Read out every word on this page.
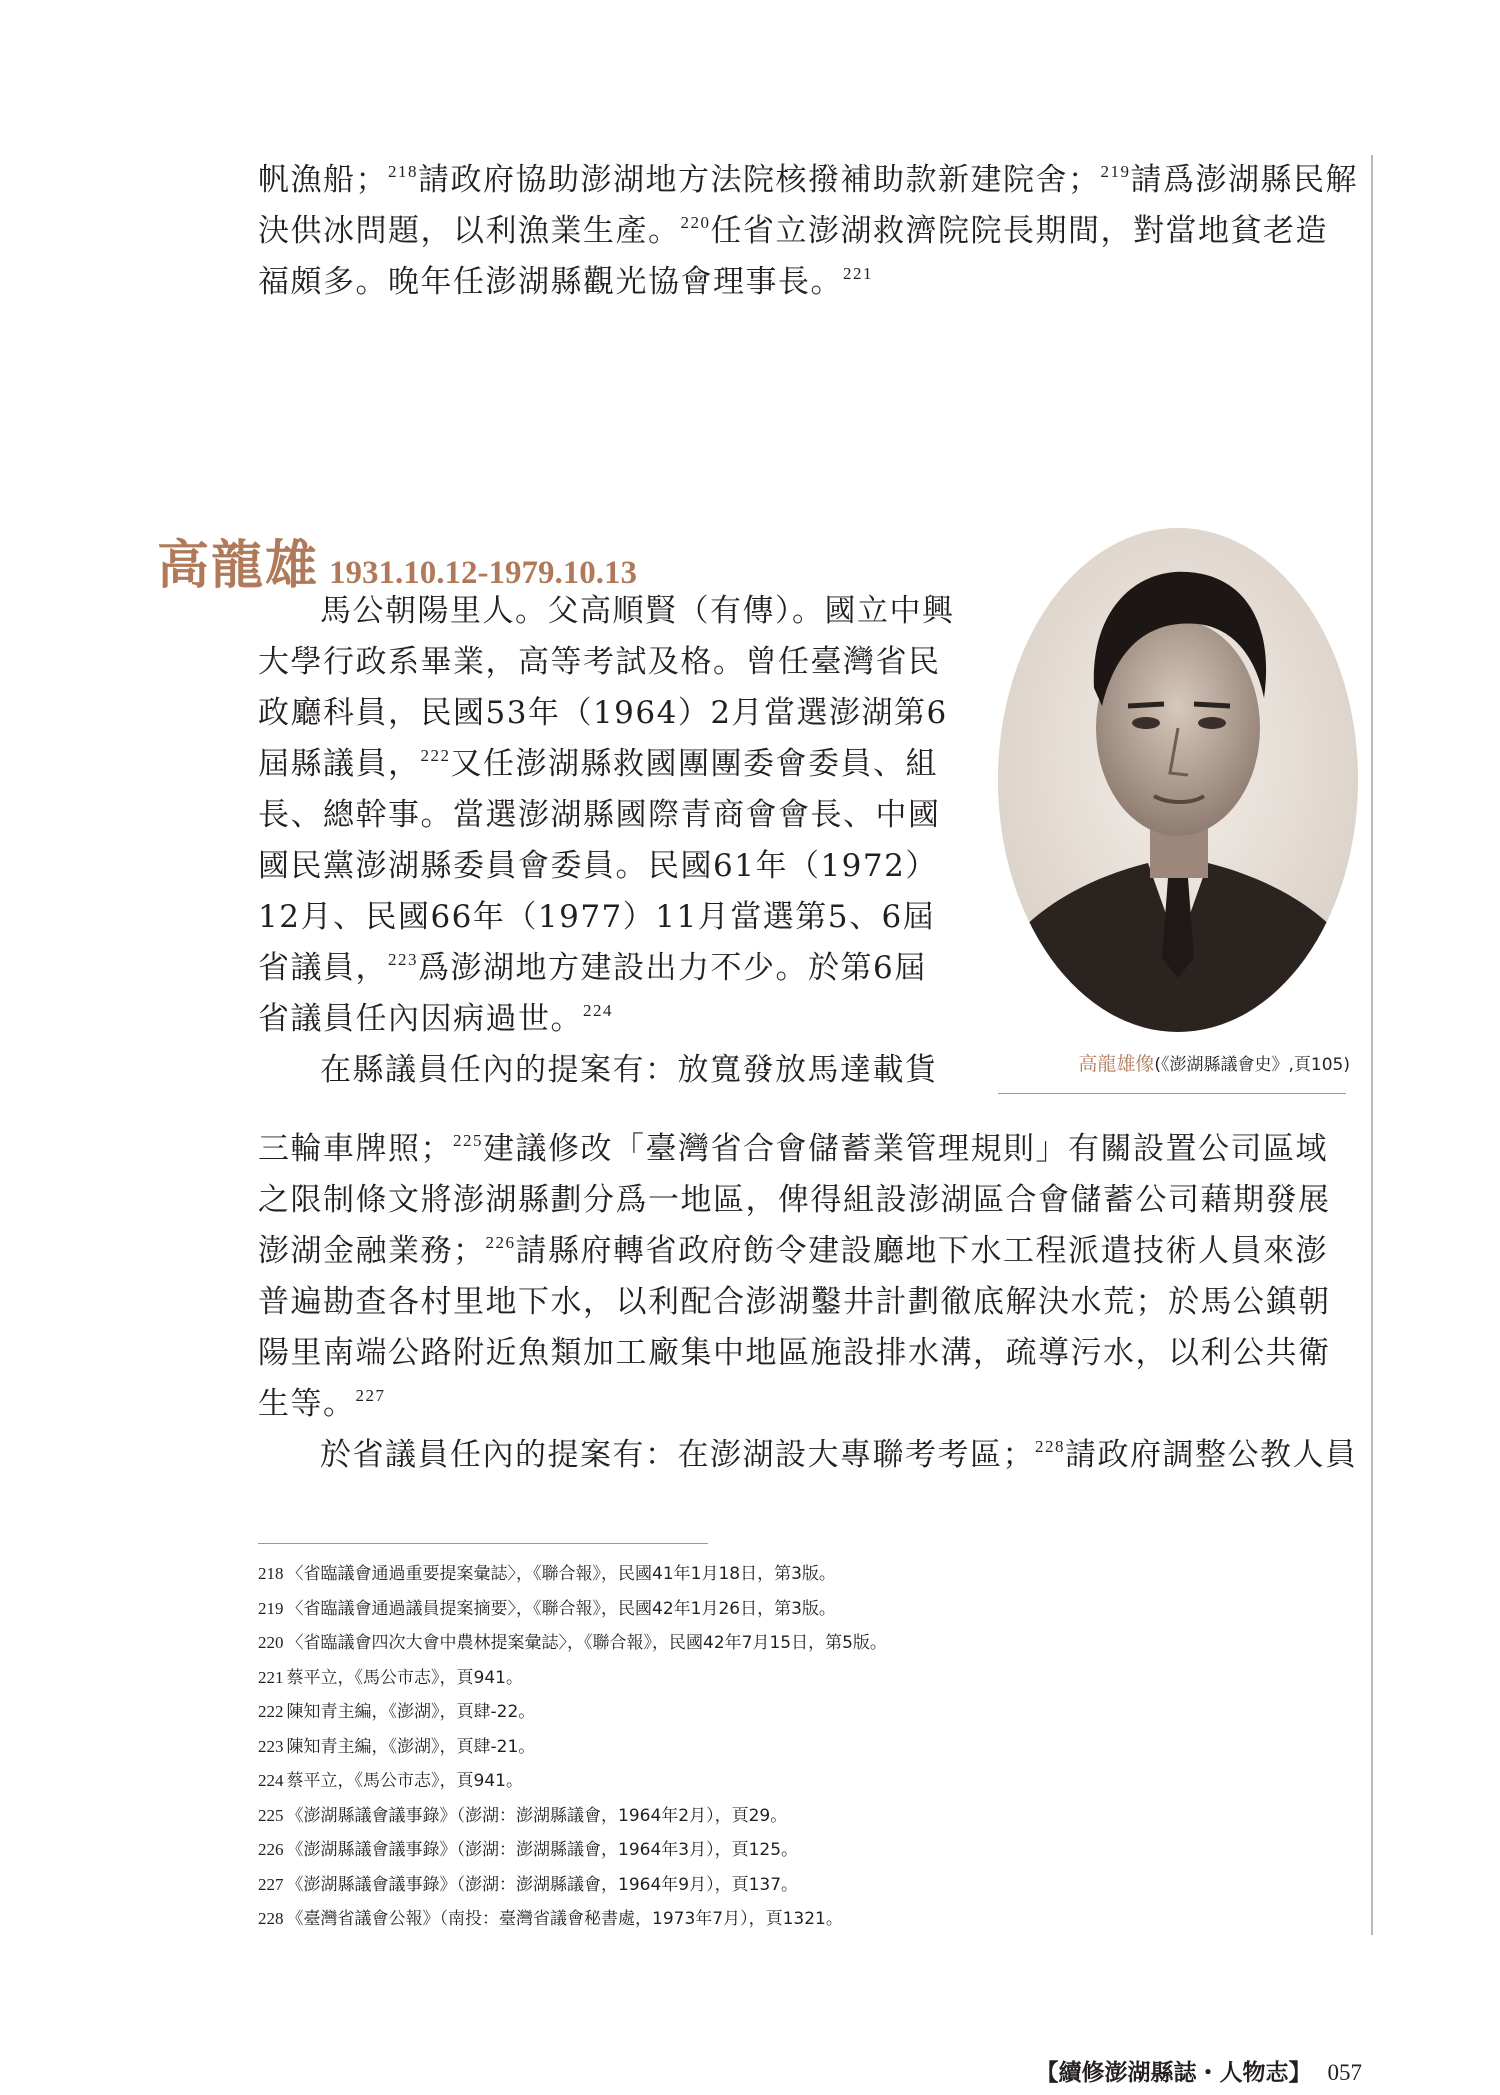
帆漁船；$^{218}$請政府協助澎湖地方法院核撥補助款新建院舍；$^{219}$請爲澎湖縣民解決供冰問題，以利漁業生產。$^{220}$任省立澎湖救濟院院長期間，對當地貧老造福頗多。晚年任澎湖縣觀光協會理事長。$^{221}$

高龍雄 1931.10.12-1979.10.13

馬公朝陽里人。父高順賢（有傳）。國立中興大學行政系畢業，高等考試及格。曾任臺灣省民政廳科員，民國53年（1964）2月當選澎湖第6屆縣議員，$^{222}$又任澎湖縣救國團團委會委員、組長、總幹事。當選澎湖縣國際青商會會長、中國國民黨澎湖縣委員會委員。民國61年（1972）12月、民國66年（1977）11月當選第5、6屆省議員，$^{223}$爲澎湖地方建設出力不少。於第6屆省議員任內因病過世。$^{224}$

在縣議員任內的提案有：放寬發放馬達載貨

三輪車牌照；$^{225}$建議修改「臺灣省合會儲蓄業管理規則」有關設置公司區域之限制條文將澎湖縣劃分爲一地區，俾得組設澎湖區合會儲蓄公司藉期發展澎湖金融業務；$^{226}$請縣府轉省政府飭令建設廳地下水工程派遣技術人員來澎普遍勘查各村里地下水，以利配合澎湖鑿井計劃徹底解決水荒；於馬公鎮朝陽里南端公路附近魚類加工廠集中地區施設排水溝，疏導污水，以利公共衛生等。$^{227}$

於省議員任內的提案有：在澎湖設大專聯考考區；$^{228}$請政府調整公教人員

高龍雄像(《澎湖縣議會史》,頁105)
218 〈省臨議會通過重要提案彙誌〉，《聯合報》，民國41年1月18日，第3版。
219 〈省臨議會通過議員提案摘要〉，《聯合報》，民國42年1月26日，第3版。
220 〈省臨議會四次大會中農林提案彙誌〉，《聯合報》，民國42年7月15日，第5版。
221 蔡平立，《馬公市志》，頁941。
222 陳知青主編，《澎湖》，頁肆-22。
223 陳知青主編，《澎湖》，頁肆-21。
224 蔡平立，《馬公市志》，頁941。
225 《澎湖縣議會議事錄》（澎湖：澎湖縣議會，1964年2月），頁29。
226 《澎湖縣議會議事錄》（澎湖：澎湖縣議會，1964年3月），頁125。
227 《澎湖縣議會議事錄》（澎湖：澎湖縣議會，1964年9月），頁137。
228 《臺灣省議會公報》（南投：臺灣省議會秘書處，1973年7月），頁1321。
【續修澎湖縣誌・人物志】 057
